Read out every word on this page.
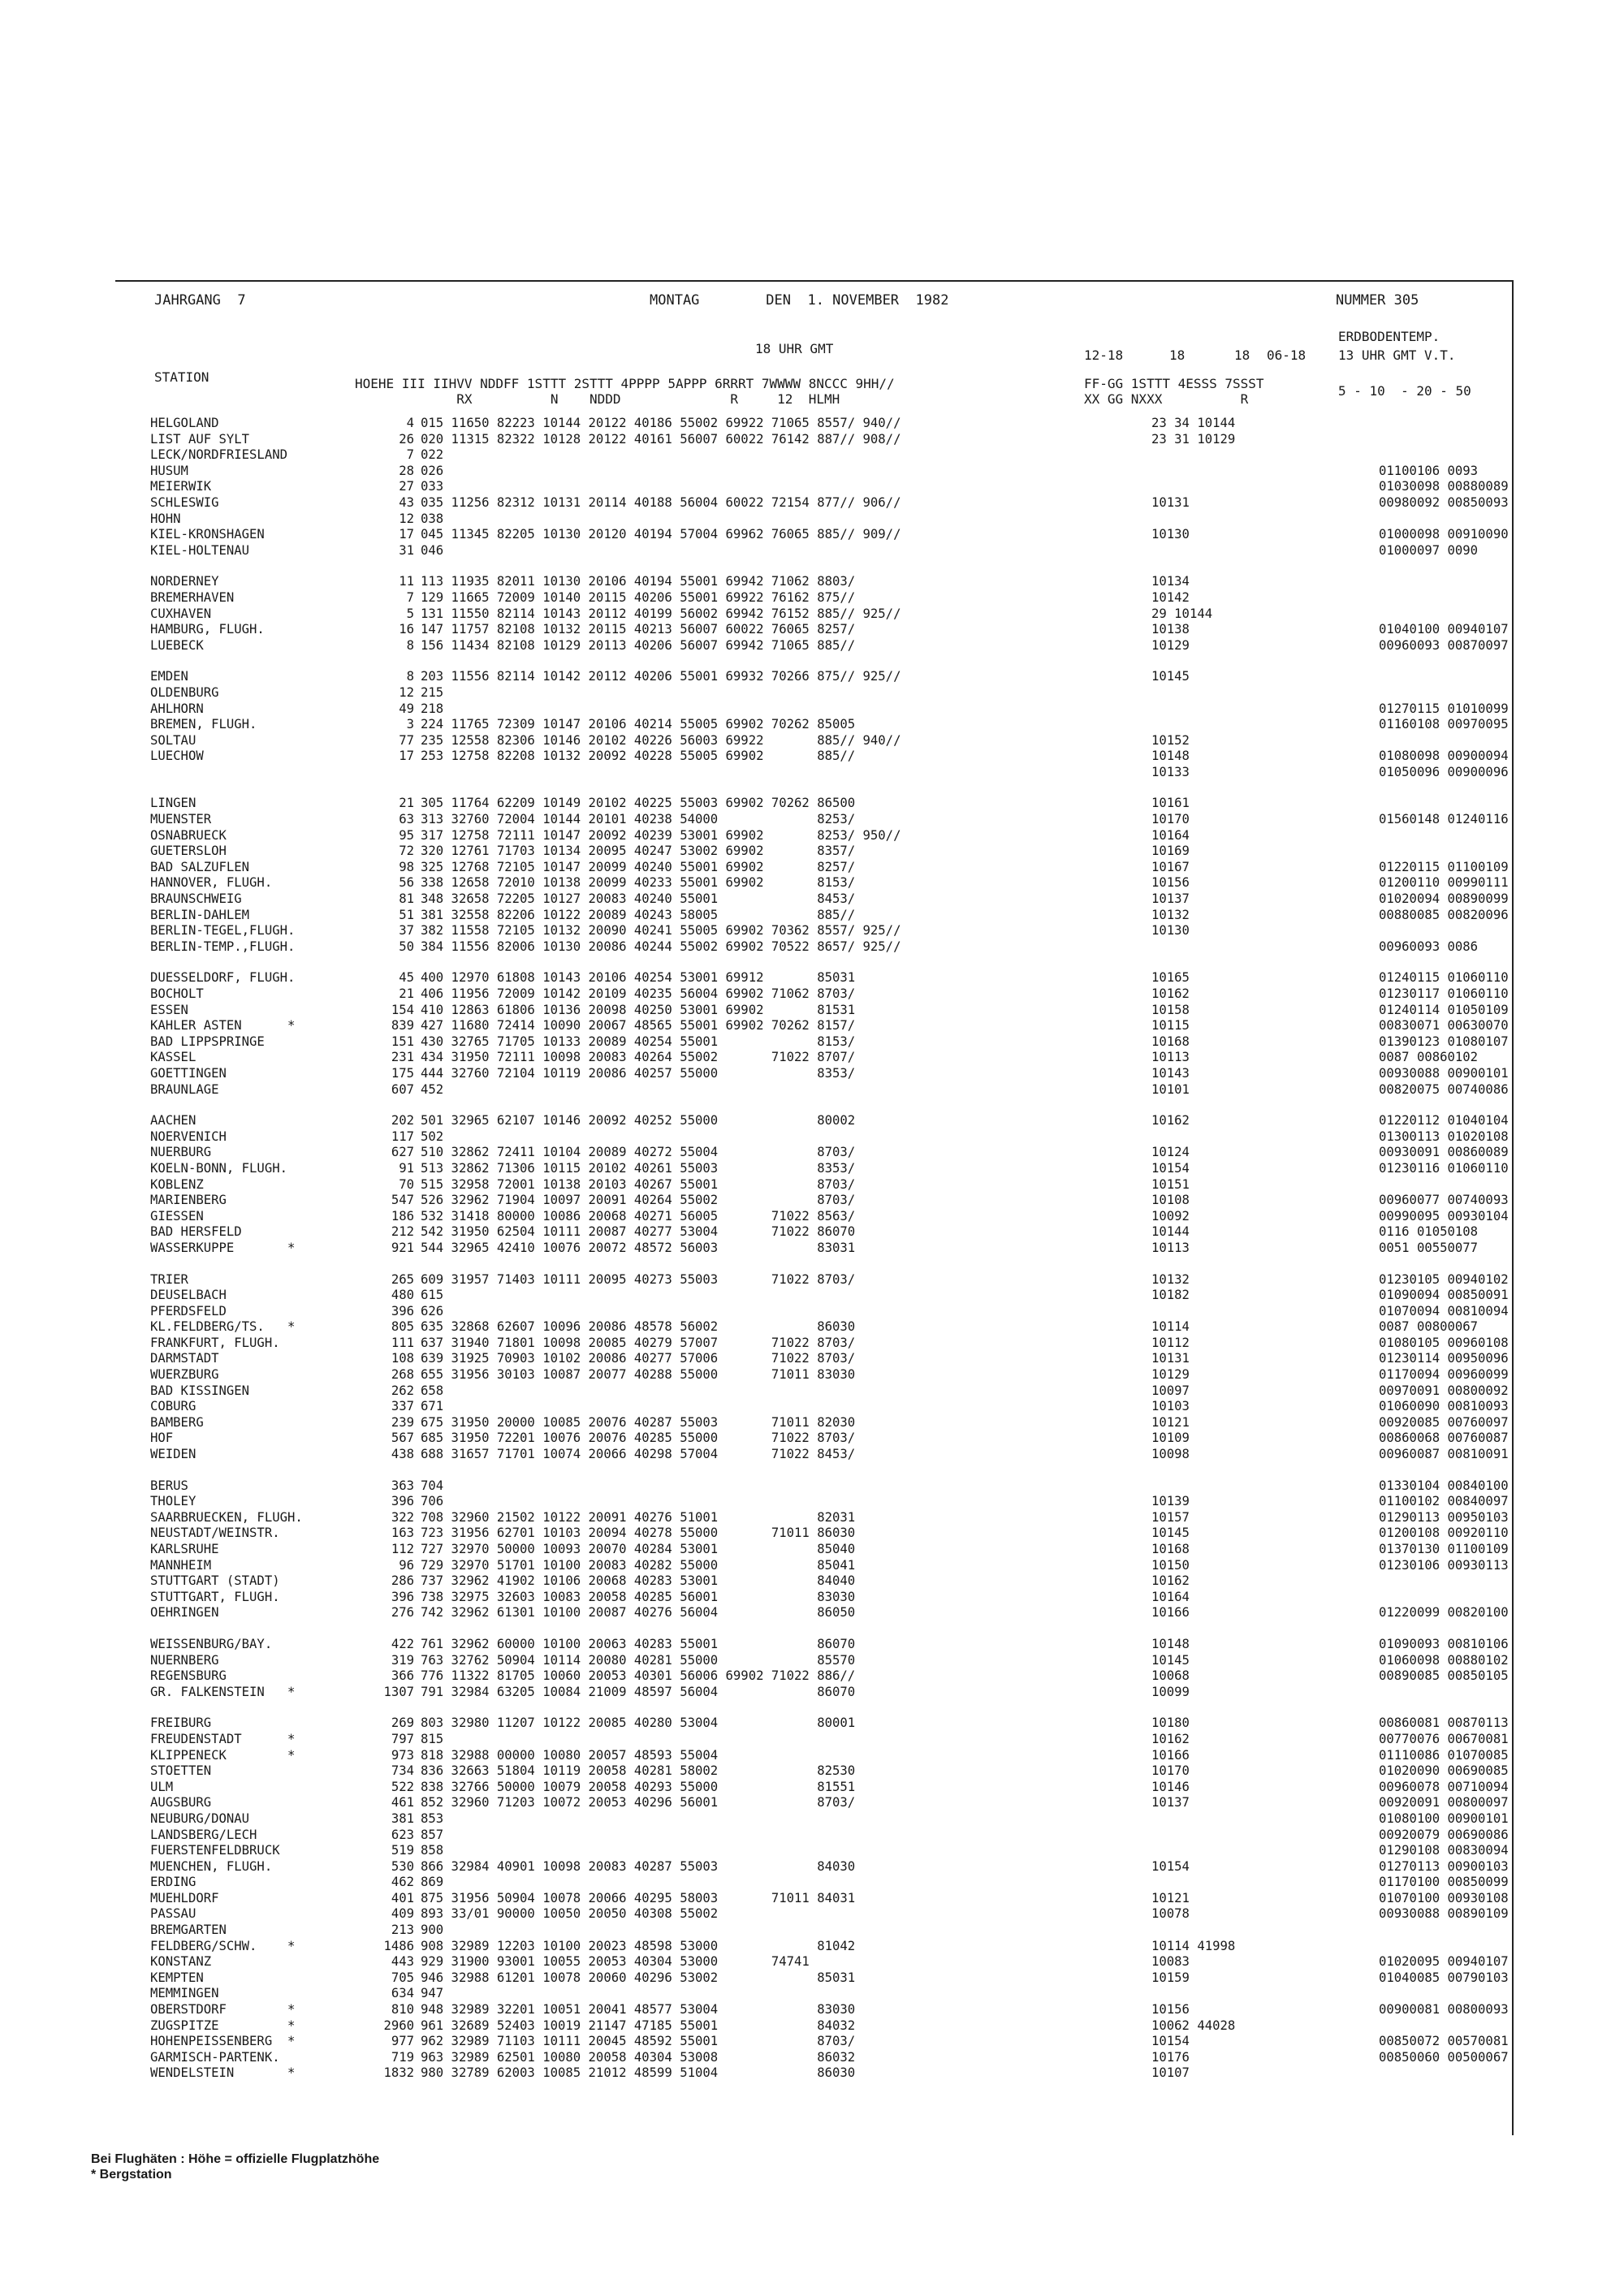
JAHRGANG  7	MONTAG        DEN  1. NOVEMBER  1982	NUMMER 305
ERDBODENTEMP.
18 UHR GMT	12-18	18	18 06-18 13 UHR GMT V.T.
STATION	HOEHE III IIHVV NDDFF 1STTT 2STTT 4PPPP 5APPP 6RRRT 7WWWW 8NCCC 9HH//
RX          N    NDDD              R     12  HLMH
FF-GG 1STTT 4ESSS 7SSST
XX GG NXXX          R
5 - 10  - 20 - 50
HELGOLAND	4	015 11650 82223 10144 20122 40186 55002 69922 71065 8557/ 940//	23 34 10144	
LIST AUF SYLT	26	020 11315 82322 10128 20122 40161 56007 60022 76142 887// 908//	23 31 10129	
LECK/NORDFRIESLAND	7	022		
HUSUM	28	026		01100106 0093
MEIERWIK	27	033		01030098 00880089
SCHLESWIG	43	035 11256 82312 10131 20114 40188 56004 60022 72154 877// 906//	10131	00980092 00850093
HOHN	12	038		
KIEL-KRONSHAGEN	17	045 11345 82205 10130 20120 40194 57004 69962 76065 885// 909//	10130	01000098 00910090
KIEL-HOLTENAU	31	046		01000097 0090

NORDERNEY	11	113 11935 82011 10130 20106 40194 55001 69942 71062 8803/	10134	
BREMERHAVEN	7	129 11665 72009 10140 20115 40206 55001 69922 76162 875//	10142	
CUXHAVEN	5	131 11550 82114 10143 20112 40199 56002 69942 76152 885// 925//	29 10144	
HAMBURG, FLUGH.	16	147 11757 82108 10132 20115 40213 56007 60022 76065 8257/	10138	01040100 00940107
LUEBECK	8	156 11434 82108 10129 20113 40206 56007 69942 71065 885//	10129	00960093 00870097

EMDEN	8	203 11556 82114 10142 20112 40206 55001 69932 70266 875// 925//	10145	
OLDENBURG	12	215		
AHLHORN	49	218		01270115 01010099
BREMEN, FLUGH.	3	224 11765 72309 10147 20106 40214 55005 69902 70262 85005		01160108 00970095
SOLTAU	77	235 12558 82306 10146 20102 40226 56003 69922       885// 940//	10152	
LUECHOW	17	253 12758 82208 10132 20092 40228 55005 69902       885//	10148	01080098 00900094
			10133	01050096 00900096

LINGEN	21	305 11764 62209 10149 20102 40225 55003 69902 70262 86500	10161	
MUENSTER	63	313 32760 72004 10144 20101 40238 54000             8253/	10170	01560148 01240116
OSNABRUECK	95	317 12758 72111 10147 20092 40239 53001 69902       8253/ 950//	10164	
GUETERSLOH	72	320 12761 71703 10134 20095 40247 53002 69902       8357/	10169	
BAD SALZUFLEN	98	325 12768 72105 10147 20099 40240 55001 69902       8257/	10167	01220115 01100109
HANNOVER, FLUGH.	56	338 12658 72010 10138 20099 40233 55001 69902       8153/	10156	01200110 00990111
BRAUNSCHWEIG	81	348 32658 72205 10127 20083 40240 55001             8453/	10137	01020094 00890099
BERLIN-DAHLEM	51	381 32558 82206 10122 20089 40243 58005             885//	10132	00880085 00820096
BERLIN-TEGEL,FLUGH.	37	382 11558 72105 10132 20090 40241 55005 69902 70362 8557/ 925//	10130	
BERLIN-TEMP.,FLUGH.	50	384 11556 82006 10130 20086 40244 55002 69902 70522 8657/ 925//		00960093 0086

DUESSELDORF, FLUGH.	45	400 12970 61808 10143 20106 40254 53001 69912       85031	10165	01240115 01060110
BOCHOLT	21	406 11956 72009 10142 20109 40235 56004 69902 71062 8703/	10162	01230117 01060110
ESSEN	154	410 12863 61806 10136 20098 40250 53001 69902       81531	10158	01240114 01050109
KAHLER ASTEN      *	839	427 11680 72414 10090 20067 48565 55001 69902 70262 8157/	10115	00830071 00630070
BAD LIPPSPRINGE	151	430 32765 71705 10133 20089 40254 55001             8153/	10168	01390123 01080107
KASSEL	231	434 31950 72111 10098 20083 40264 55002       71022 8707/	10113	0087 00860102
GOETTINGEN	175	444 32760 72104 10119 20086 40257 55000             8353/	10143	00930088 00900101
BRAUNLAGE	607	452	10101	00820075 00740086

AACHEN	202	501 32965 62107 10146 20092 40252 55000             80002	10162	01220112 01040104
NOERVENICH	117	502		01300113 01020108
NUERBURG	627	510 32862 72411 10104 20089 40272 55004             8703/	10124	00930091 00860089
KOELN-BONN, FLUGH.	91	513 32862 71306 10115 20102 40261 55003             8353/	10154	01230116 01060110
KOBLENZ	70	515 32958 72001 10138 20103 40267 55001             8703/	10151	
MARIENBERG	547	526 32962 71904 10097 20091 40264 55002             8703/	10108	00960077 00740093
GIESSEN	186	532 31418 80000 10086 20068 40271 56005       71022 8563/	10092	00990095 00930104
BAD HERSFELD	212	542 31950 62504 10111 20087 40277 53004       71022 86070	10144	0116 01050108
WASSERKUPPE       *	921	544 32965 42410 10076 20072 48572 56003             83031	10113	0051 00550077

TRIER	265	609 31957 71403 10111 20095 40273 55003       71022 8703/	10132	01230105 00940102
DEUSELBACH	480	615	10182	01090094 00850091
PFERDSFELD	396	626		01070094 00810094
KL.FELDBERG/TS.   *	805	635 32868 62607 10096 20086 48578 56002             86030	10114	0087 00800067
FRANKFURT, FLUGH.	111	637 31940 71801 10098 20085 40279 57007       71022 8703/	10112	01080105 00960108
DARMSTADT	108	639 31925 70903 10102 20086 40277 57006       71022 8703/	10131	01230114 00950096
WUERZBURG	268	655 31956 30103 10087 20077 40288 55000       71011 83030	10129	01170094 00960099
BAD KISSINGEN	262	658	10097	00970091 00800092
COBURG	337	671	10103	01060090 00810093
BAMBERG	239	675 31950 20000 10085 20076 40287 55003       71011 82030	10121	00920085 00760097
HOF	567	685 31950 72201 10076 20076 40285 55000       71022 8703/	10109	00860068 00760087
WEIDEN	438	688 31657 71701 10074 20066 40298 57004       71022 8453/	10098	00960087 00810091

BERUS	363	704		01330104 00840100
THOLEY	396	706	10139	01100102 00840097
SAARBRUECKEN, FLUGH.	322	708 32960 21502 10122 20091 40276 51001             82031	10157	01290113 00950103
NEUSTADT/WEINSTR.	163	723 31956 62701 10103 20094 40278 55000       71011 86030	10145	01200108 00920110
KARLSRUHE	112	727 32970 50000 10093 20070 40284 53001             85040	10168	01370130 01100109
MANNHEIM	96	729 32970 51701 10100 20083 40282 55000             85041	10150	01230106 00930113
STUTTGART (STADT)	286	737 32962 41902 10106 20068 40283 53001             84040	10162	
STUTTGART, FLUGH.	396	738 32975 32603 10083 20058 40285 56001             83030	10164	
OEHRINGEN	276	742 32962 61301 10100 20087 40276 56004             86050	10166	01220099 00820100

WEISSENBURG/BAY.	422	761 32962 60000 10100 20063 40283 55001             86070	10148	01090093 00810106
NUERNBERG	319	763 32762 50904 10114 20080 40281 55000             85570	10145	01060098 00880102
REGENSBURG	366	776 11322 81705 10060 20053 40301 56006 69902 71022 886//	10068	00890085 00850105
GR. FALKENSTEIN   *	1307	791 32984 63205 10084 21009 48597 56004             86070	10099	

FREIBURG	269	803 32980 11207 10122 20085 40280 53004             80001	10180	00860081 00870113
FREUDENSTADT      *	797	815	10162	00770076 00670081
KLIPPENECK        *	973	818 32988 00000 10080 20057 48593 55004	10166	01110086 01070085
STOETTEN	734	836 32663 51804 10119 20058 40281 58002             82530	10170	01020090 00690085
ULM	522	838 32766 50000 10079 20058 40293 55000             81551	10146	00960078 00710094
AUGSBURG	461	852 32960 71203 10072 20053 40296 56001             8703/	10137	00920091 00800097
NEUBURG/DONAU	381	853		01080100 00900101
LANDSBERG/LECH	623	857		00920079 00690086
FUERSTENFELDBRUCK	519	858		01290108 00830094
MUENCHEN, FLUGH.	530	866 32984 40901 10098 20083 40287 55003             84030	10154	01270113 00900103
ERDING	462	869		01170100 00850099
MUEHLDORF	401	875 31956 50904 10078 20066 40295 58003       71011 84031	10121	01070100 00930108
PASSAU	409	893 33/01 90000 10050 20050 40308 55002	10078	00930088 00890109
BREMGARTEN	213	900		
FELDBERG/SCHW.    *	1486	908 32989 12203 10100 20023 48598 53000             81042	10114 41998	
KONSTANZ	443	929 31900 93001 10055 20053 40304 53000       74741	10083	01020095 00940107
KEMPTEN	705	946 32988 61201 10078 20060 40296 53002             85031	10159	01040085 00790103
MEMMINGEN	634	947		
OBERSTDORF        *	810	948 32989 32201 10051 20041 48577 53004             83030	10156	00900081 00800093
ZUGSPITZE         *	2960	961 32689 52403 10019 21147 47185 55001             84032	10062 44028	
HOHENPEISSENBERG  *	977	962 32989 71103 10111 20045 48592 55001             8703/	10154	00850072 00570081
GARMISCH-PARTENK.	719	963 32989 62501 10080 20058 40304 53008             86032	10176	00850060 00500067
WENDELSTEIN       *	1832	980 32789 62003 10085 21012 48599 51004             86030	10107	
Bei Flughäten : Höhe = offizielle Flugplatzhöhe
* Bergstation
